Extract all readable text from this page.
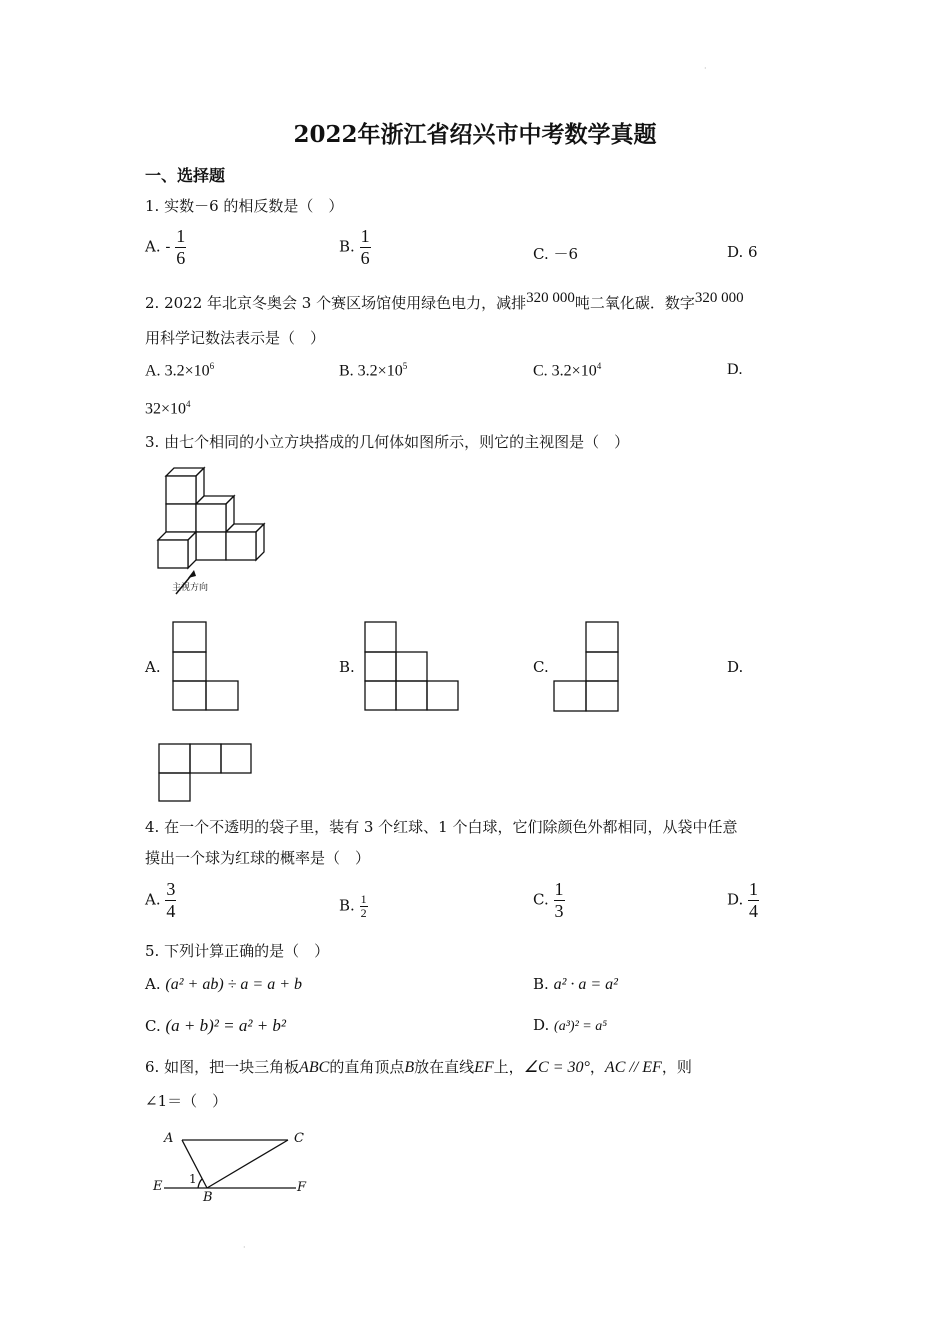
·
2022年浙江省绍兴市中考数学真题
一、选择题
1. 实数－6 的相反数是（　）
A. - $\frac{1}{6}$	B. $\frac{1}{6}$	C. －6	D. 6
2. 2022 年北京冬奥会 3 个赛区场馆使用绿色电力，减排320 000吨二氧化碳．数字320 000
用科学记数法表示是（　）
A. $3.2\times 10^6$	B. $3.2\times 10^5$	C. $3.2\times 10^4$	D.
$32\times 10^4$
3. 由七个相同的小立方块搭成的几何体如图所示，则它的主视图是（　）
主视方向
A.	B.	C.	D.
4. 在一个不透明的袋子里，装有 3 个红球、1 个白球，它们除颜色外都相同，从袋中任意
摸出一个球为红球的概率是（　）
A. $\frac{3}{4}$	B. $\frac{1}{2}$	C. $\frac{1}{3}$	D. $\frac{1}{4}$
5. 下列计算正确的是（　）
A. (a² + ab) ÷ a = a + b	B. a² · a = a²
C. (a + b)² = a² + b²	D. (a³)² = a⁵
6. 如图，把一块三角板ABC的直角顶点B放在直线EF上，∠C = 30°，AC // EF，则
∠1＝（　）
A	C
E 1
B
F
·
